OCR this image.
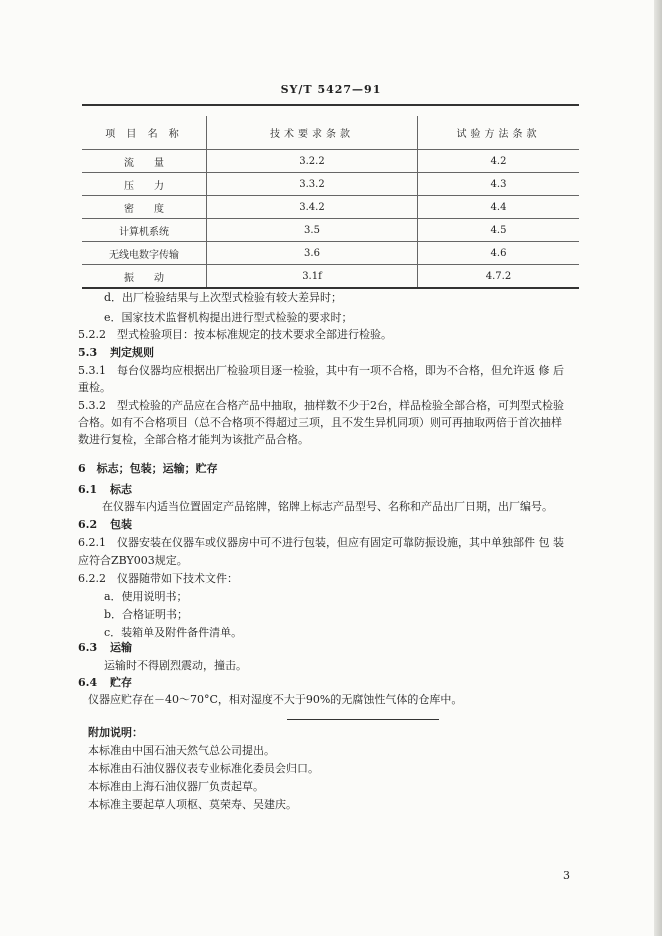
SY/T 5427—91
项 目 名 称	技术要求条款	试验方法条款
流　　量	3.2.2	4.2
压　　力	3.3.2	4.3
密　　度	3.4.2	4.4
计算机系统	3.5	4.5
无线电数字传输	3.6	4.6
振　　动	3.1f	4.7.2
d．出厂检验结果与上次型式检验有较大差异时；
e．国家技术监督机构提出进行型式检验的要求时；
5.2.2　型式检验项目：按本标准规定的技术要求全部进行检验。
5.3 判定规则
5.3.1　每台仪器均应根据出厂检验项目逐一检验，其中有一项不合格，即为不合格，但允许返 修 后
重检。
5.3.2　型式检验的产品应在合格产品中抽取，抽样数不少于2台，样品检验全部合格，可判型式检验
合格。如有不合格项目（总不合格项不得超过三项，且不发生异机同项）则可再抽取两倍于首次抽样
数进行复检，全部合格才能判为该批产品合格。
6　标志；包装；运输；贮存
6.1 标志
在仪器车内适当位置固定产品铭牌，铭牌上标志产品型号、名称和产品出厂日期，出厂编号。
6.2 包装
6.2.1　仪器安装在仪器车或仪器房中可不进行包装，但应有固定可靠防振设施，其中单独部件 包 装
应符合ZBY003规定。
6.2.2　仪器随带如下技术文件：
a．使用说明书；
b．合格证明书；
c．装箱单及附件备件清单。
6.3 运输
运输时不得剧烈震动，撞击。
6.4 贮存
仪器应贮存在－40～70°C，相对湿度不大于90%的无腐蚀性气体的仓库中。
附加说明：
本标准由中国石油天然气总公司提出。
本标准由石油仪器仪表专业标准化委员会归口。
本标准由上海石油仪器厂负责起草。
本标准主要起草人项枢、莫荣寿、吴建庆。
3
